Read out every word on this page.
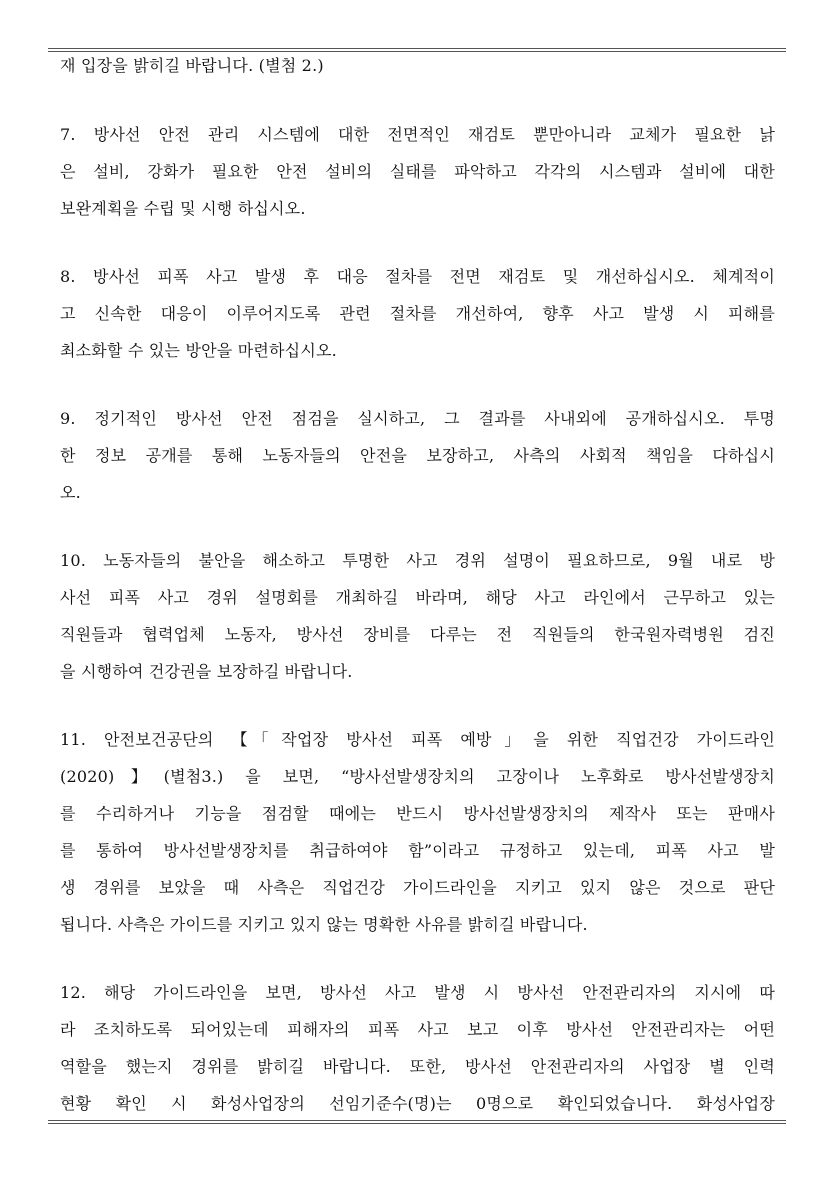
재 입장을 밝히길 바랍니다. (별첨 2.)
7. 방사선 안전 관리 시스템에 대한 전면적인 재검토 뿐만아니라 교체가 필요한 낡
은 설비, 강화가 필요한 안전 설비의 실태를 파악하고 각각의 시스템과 설비에 대한
보완계획을 수립 및 시행 하십시오.
8. 방사선 피폭 사고 발생 후 대응 절차를 전면 재검토 및 개선하십시오. 체계적이
고 신속한 대응이 이루어지도록 관련 절차를 개선하여, 향후 사고 발생 시 피해를
최소화할 수 있는 방안을 마련하십시오.
9. 정기적인 방사선 안전 점검을 실시하고, 그 결과를 사내외에 공개하십시오. 투명
한 정보 공개를 통해 노동자들의 안전을 보장하고, 사측의 사회적 책임을 다하십시
오.
10. 노동자들의 불안을 해소하고 투명한 사고 경위 설명이 필요하므로, 9월 내로 방
사선 피폭 사고 경위 설명회를 개최하길 바라며, 해당 사고 라인에서 근무하고 있는
직원들과 협력업체 노동자, 방사선 장비를 다루는 전 직원들의 한국원자력병원 검진
을 시행하여 건강권을 보장하길 바랍니다.
11. 안전보건공단의 【「작업장 방사선 피폭 예방」을 위한 직업건강 가이드라인
(2020)】(별첨3.) 을 보면, “방사선발생장치의 고장이나 노후화로 방사선발생장치
를 수리하거나 기능을 점검할 때에는 반드시 방사선발생장치의 제작사 또는 판매사
를 통하여 방사선발생장치를 취급하여야 함”이라고 규정하고 있는데, 피폭 사고 발
생 경위를 보았을 때 사측은 직업건강 가이드라인을 지키고 있지 않은 것으로 판단
됩니다. 사측은 가이드를 지키고 있지 않는 명확한 사유를 밝히길 바랍니다.
12. 해당 가이드라인을 보면, 방사선 사고 발생 시 방사선 안전관리자의 지시에 따
라 조치하도록 되어있는데 피해자의 피폭 사고 보고 이후 방사선 안전관리자는 어떤
역할을 했는지 경위를 밝히길 바랍니다. 또한, 방사선 안전관리자의 사업장 별 인력
현황 확인 시 화성사업장의 선임기준수(명)는 0명으로 확인되었습니다. 화성사업장
